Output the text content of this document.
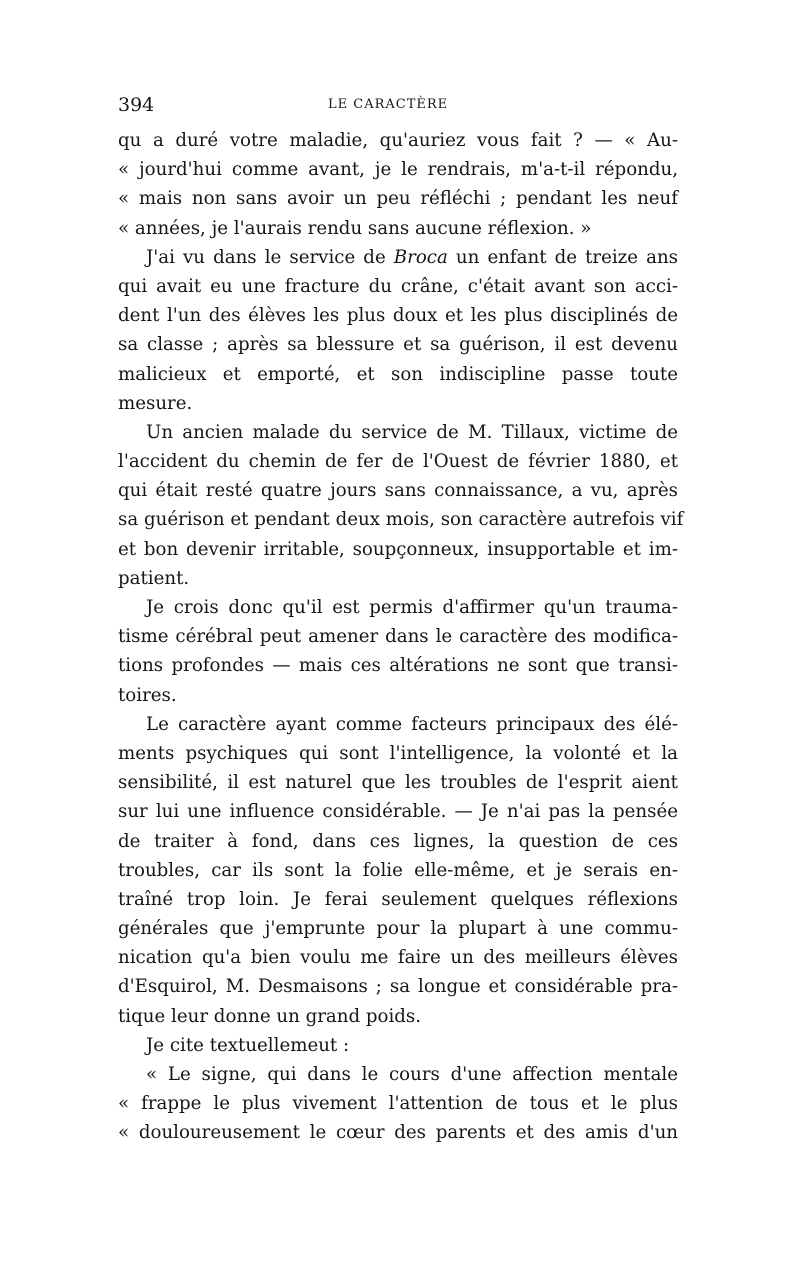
394	LE CARACTÈRE
qu a duré votre maladie, qu'auriez vous fait ? — « Au-
« jourd'hui comme avant, je le rendrais, m'a-t-il répondu,
« mais non sans avoir un peu réfléchi ; pendant les neuf
« années, je l'aurais rendu sans aucune réflexion. »
J'ai vu dans le service de Broca un enfant de treize ans
qui avait eu une fracture du crâne, c'était avant son acci-
dent l'un des élèves les plus doux et les plus disciplinés de
sa classe ; après sa blessure et sa guérison, il est devenu
malicieux et emporté, et son indiscipline passe toute
mesure.
Un ancien malade du service de M. Tillaux, victime de
l'accident du chemin de fer de l'Ouest de février 1880, et
qui était resté quatre jours sans connaissance, a vu, après
sa guérison et pendant deux mois, son caractère autrefois vif
et bon devenir irritable, soupçonneux, insupportable et im-
patient.
Je crois donc qu'il est permis d'affirmer qu'un trauma-
tisme cérébral peut amener dans le caractère des modifica-
tions profondes — mais ces altérations ne sont que transi-
toires.
Le caractère ayant comme facteurs principaux des élé-
ments psychiques qui sont l'intelligence, la volonté et la
sensibilité, il est naturel que les troubles de l'esprit aient
sur lui une influence considérable. — Je n'ai pas la pensée
de traiter à fond, dans ces lignes, la question de ces
troubles, car ils sont la folie elle-même, et je serais en-
traîné trop loin. Je ferai seulement quelques réflexions
générales que j'emprunte pour la plupart à une commu-
nication qu'a bien voulu me faire un des meilleurs élèves
d'Esquirol, M. Desmaisons ; sa longue et considérable pra-
tique leur donne un grand poids.
Je cite textuellemeut :
« Le signe, qui dans le cours d'une affection mentale
« frappe le plus vivement l'attention de tous et le plus
« douloureusement le cœur des parents et des amis d'un
